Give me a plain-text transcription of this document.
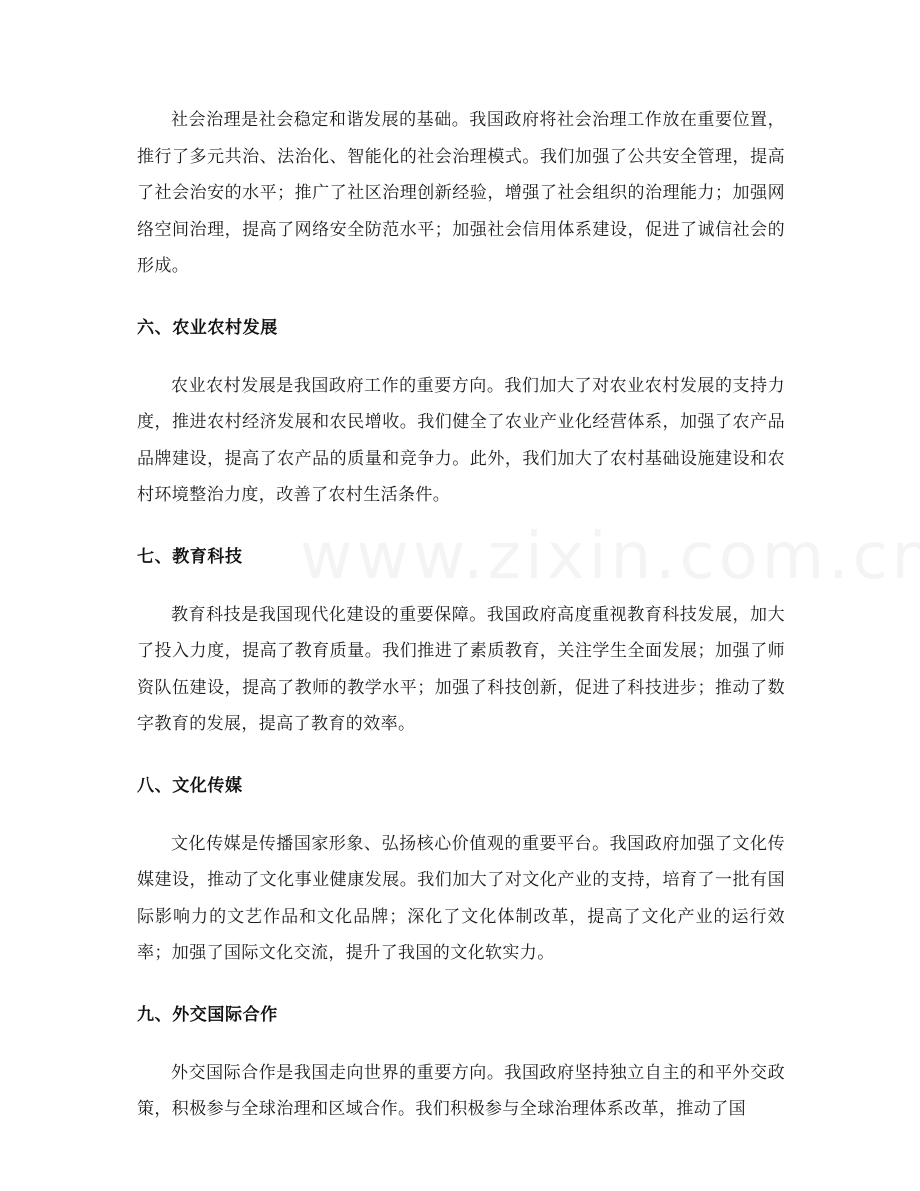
社会治理是社会稳定和谐发展的基础。我国政府将社会治理工作放在重要位置，推行了多元共治、法治化、智能化的社会治理模式。我们加强了公共安全管理，提高了社会治安的水平；推广了社区治理创新经验，增强了社会组织的治理能力；加强网络空间治理，提高了网络安全防范水平；加强社会信用体系建设，促进了诚信社会的形成。

六、农业农村发展

农业农村发展是我国政府工作的重要方向。我们加大了对农业农村发展的支持力度，推进农村经济发展和农民增收。我们健全了农业产业化经营体系，加强了农产品品牌建设，提高了农产品的质量和竞争力。此外，我们加大了农村基础设施建设和农村环境整治力度，改善了农村生活条件。

七、教育科技

教育科技是我国现代化建设的重要保障。我国政府高度重视教育科技发展，加大了投入力度，提高了教育质量。我们推进了素质教育，关注学生全面发展；加强了师资队伍建设，提高了教师的教学水平；加强了科技创新，促进了科技进步；推动了数字教育的发展，提高了教育的效率。

八、文化传媒

文化传媒是传播国家形象、弘扬核心价值观的重要平台。我国政府加强了文化传媒建设，推动了文化事业健康发展。我们加大了对文化产业的支持，培育了一批有国际影响力的文艺作品和文化品牌；深化了文化体制改革，提高了文化产业的运行效率；加强了国际文化交流，提升了我国的文化软实力。

九、外交国际合作

外交国际合作是我国走向世界的重要方向。我国政府坚持独立自主的和平外交政策，积极参与全球治理和区域合作。我们积极参与全球治理体系改革，推动了国
